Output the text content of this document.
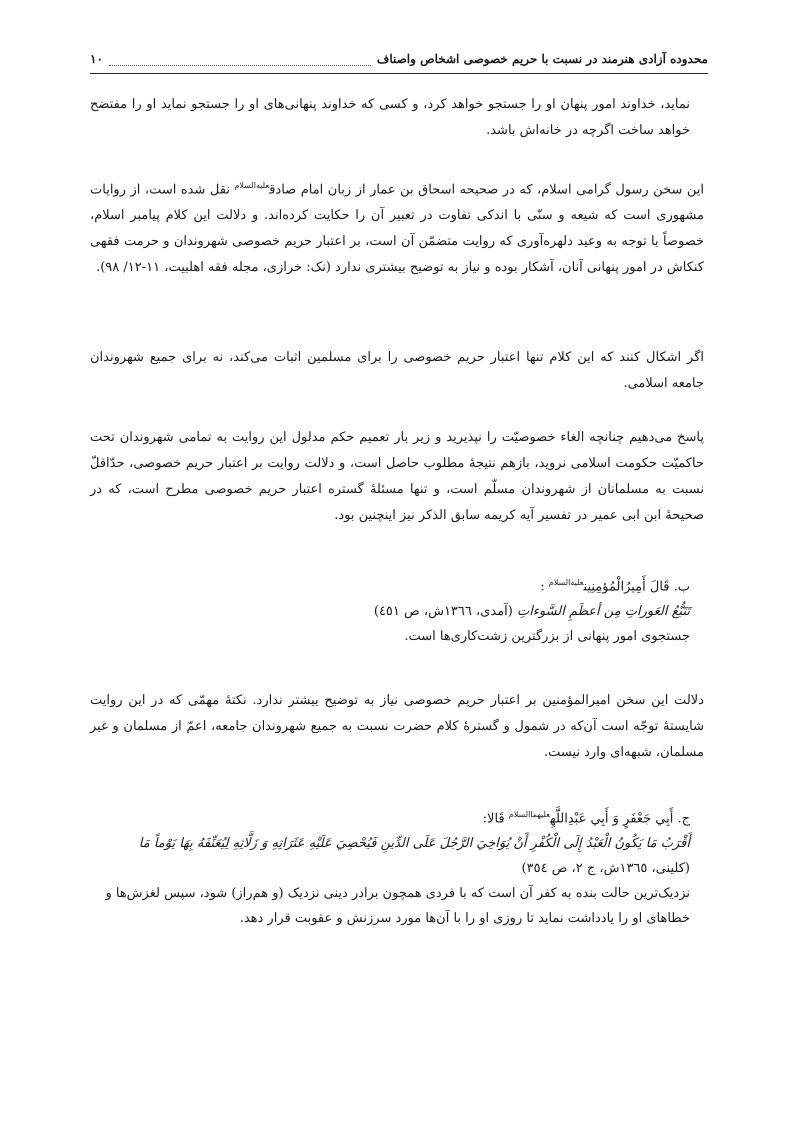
محدوده آزادی هنرمند در نسبت با حریم خصوصی اشخاص واصناف
١٠

نماید، خداوند امور پنهان او را جستجو خواهد کرد، و کسی که خداوند پنهانی‌های او را جستجو نماید او را مفتضح خواهد ساخت اگرچه در خانه‌اش باشد.

این سخن رسول گرامی اسلام، که در صحیحه اسحاق بن عمار از زبان امام صادق$^{علیه‌السلام}$ نقل شده است، از روایات مشهوری است که شیعه و سنّی با اندکی تفاوت در تعبیر آن را حکایت کرده‌اند. و دلالت این کلام پیامبر اسلام، خصوصاً با توجه به وعید دلهره‌آوری که روایت متضمّن آن است، بر اعتبار حریم خصوصی شهروندان و حرمت فقهی کنکاش در امور پنهانی آنان، آشکار بوده و نیاز به توضیح بیشتری ندارد (نک: خرازی، مجله فقه اهلبیت، ١١-١٢/ ٩٨).

اگر اشکال کنند که این کلام تنها اعتبار حریم خصوصی را برای مسلمین اثبات می‌کند، نه برای جمیع شهروندان جامعه اسلامی.

پاسخ می‌دهیم چنانچه الغاء خصوصیّت را نپذیرید و زیر بار تعمیم حکم مدلول این روایت به تمامی شهروندان تحت حاکمیّت حکومت اسلامی نروید، بازهم نتیجهٔ مطلوب حاصل است، و دلالت روایت بر اعتبار حریم خصوصی، حدّاقلّ نسبت به مسلمانان از شهروندان مسلّم است، و تنها مسئلهٔ گستره اعتبار حریم خصوصی مطرح است، که در صحیحهٔ ابن ابی عمیر در تفسیر آیه کریمه سابق الذکر نیز اینچنین بود.

ب. قَالَ أَمِيرُالْمُؤمِنِين$^{علیه‌السلام}$ :
تَتَبُّعُ العَوراتِ مِن أعظَمِ السَّوءاتِ (آمدی، ١٣٦٦ش، ص ٤٥١)
جستجوی امور پنهانی از بزرگترین زشت‌کاری‌ها است.

دلالت این سخن امیرالمؤمنین بر اعتبار حریم خصوصی نیاز به توضیح بیشتر ندارد. نکتهٔ مهمّی که در این روایت شایستهٔ توجّه است آن‌که در شمول و گسترهٔ کلام حضرت نسبت به جمیع شهروندان جامعه، اعمّ از مسلمان و غیر مسلمان، شبهه‌ای وارد نیست.

ج. أَبِي جَعْفَرٍ وَ أَبِي عَبْدِاللَّهِ$^{علیهماالسلام}$ قَالا:
أَقْرَبُ مَا يَكُونُ الْعَبْدُ إِلَى الْكُفْرِ أَنْ يُوَاخِيَ الرَّجُلَ عَلَى الدِّينِ فَيُحْصِيَ عَلَيْهِ عَثَرَاتِهِ وَ زَلَّاتِهِ لِيُعَنِّفَهُ بِهَا يَوْماً مَا
(کلینی، ١٣٦٥ش، ج ٢، ص ٣٥٤)
نزدیک‌ترین حالت بنده به کفر آن است که با فردی همچون برادر دینی نزدیک (و هم‌راز) شود، سپس لغزش‌ها و خطاهای او را یادداشت نماید تا روزی او را با آن‌ها مورد سرزنش و عقوبت قرار دهد.
